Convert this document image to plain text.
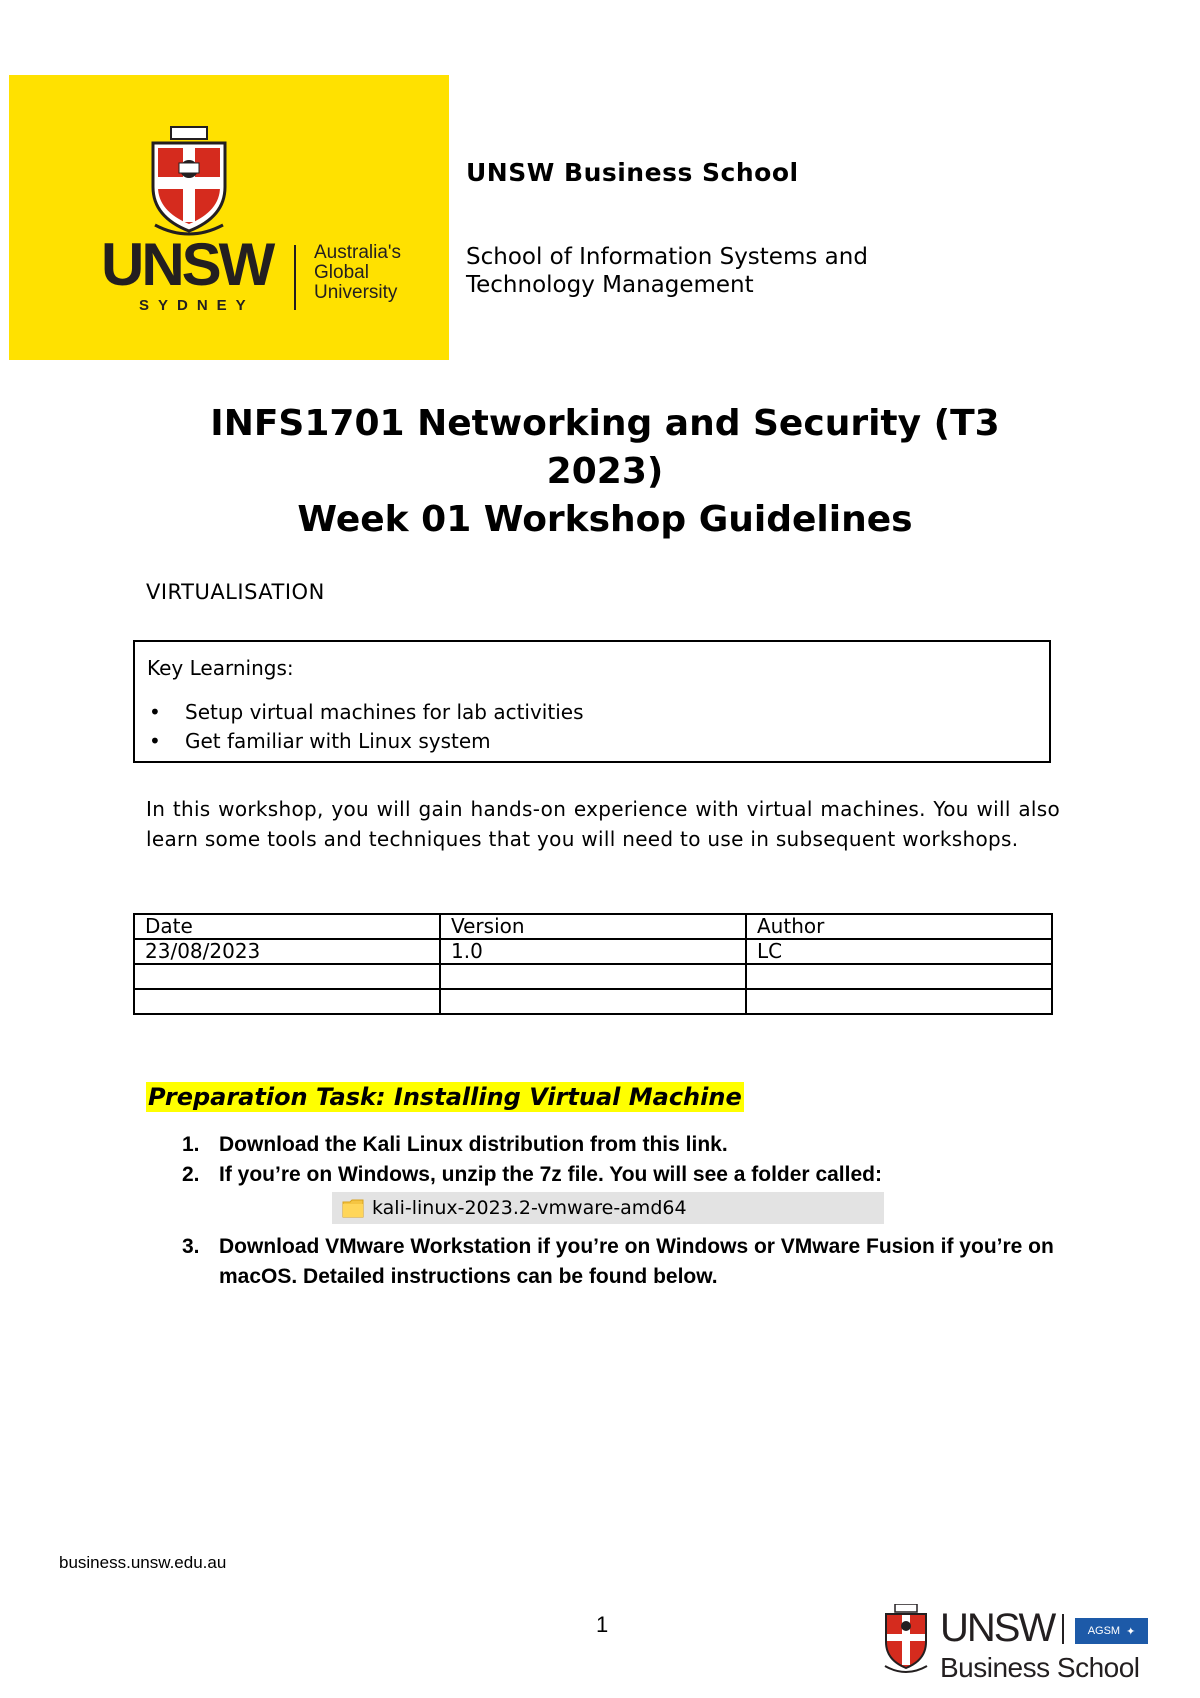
UNSW
SYDNEY
Australia's
Global
University
UNSW Business School
School of Information Systems and
Technology Management
INFS1701 Networking and Security (T3
2023)
Week 01 Workshop Guidelines
VIRTUALISATION
Key Learnings:
• Setup virtual machines for lab activities
• Get familiar with Linux system
In this workshop, you will gain hands-on experience with virtual machines. You will also learn some tools and techniques that you will need to use in subsequent workshops.
Date	Version	Author
23/08/2023	1.0	LC

Preparation Task: Installing Virtual Machine
1. Download the Kali Linux distribution from this link.
2. If you’re on Windows, unzip the 7z file. You will see a folder called:
kali-linux-2023.2-vmware-amd64
3. Download VMware Workstation if you’re on Windows or VMware Fusion if you’re on macOS. Detailed instructions can be found below.
business.unsw.edu.au
1	UNSW	AGSM ✦
Business School
